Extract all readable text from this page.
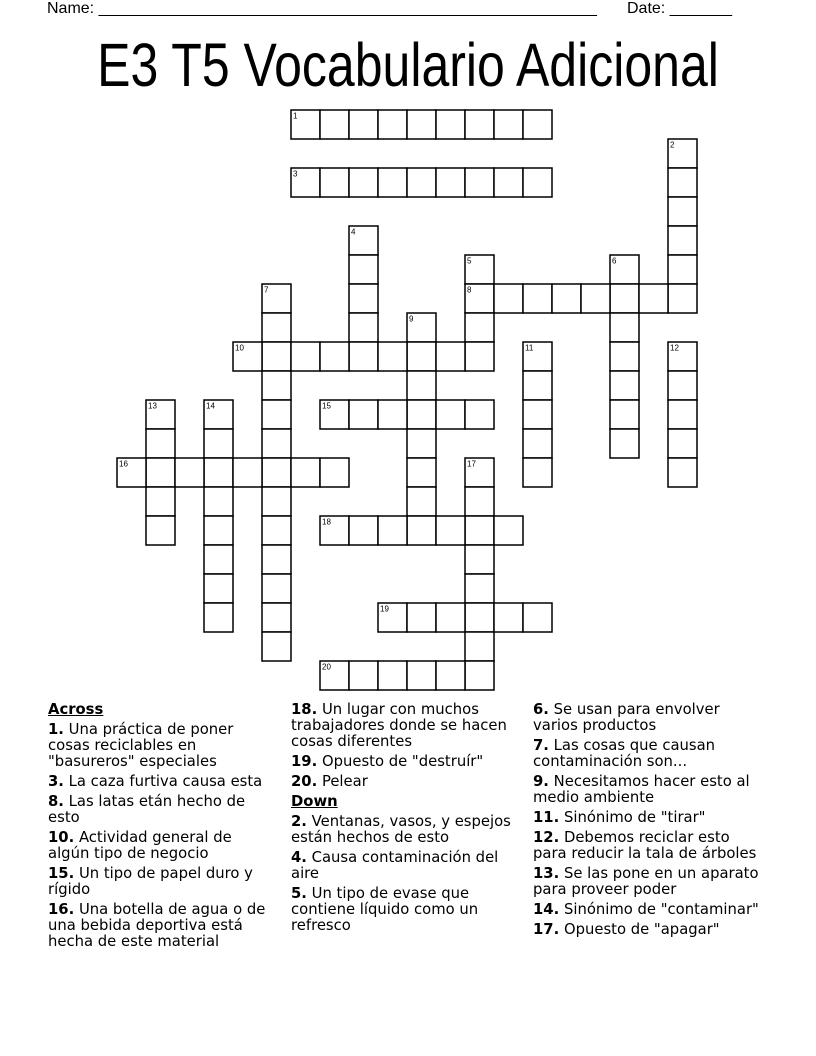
Name: ________________________________________________________ Date: _______
E3 T5 Vocabulario Adicional
1
2
3
4
5	6
7	8
9
10	11	12
13	14	15
16	17
18
19
20
Across
1. Una práctica de poner cosas reciclables en "basureros" especiales
3. La caza furtiva causa esta
8. Las latas etán hecho de esto
10. Actividad general de algún tipo de negocio
15. Un tipo de papel duro y rígido
16. Una botella de agua o de una bebida deportiva está hecha de este material
18. Un lugar con muchos trabajadores donde se hacen cosas diferentes
19. Opuesto de "destruír"
20. Pelear
Down
2. Ventanas, vasos, y espejos están hechos de esto
4. Causa contaminación del aire
5. Un tipo de evase que contiene líquido como un refresco
6. Se usan para envolver varios productos
7. Las cosas que causan contaminación son...
9. Necesitamos hacer esto al medio ambiente
11. Sinónimo de "tirar"
12. Debemos reciclar esto para reducir la tala de árboles
13. Se las pone en un aparato para proveer poder
14. Sinónimo de "contaminar"
17. Opuesto de "apagar"
